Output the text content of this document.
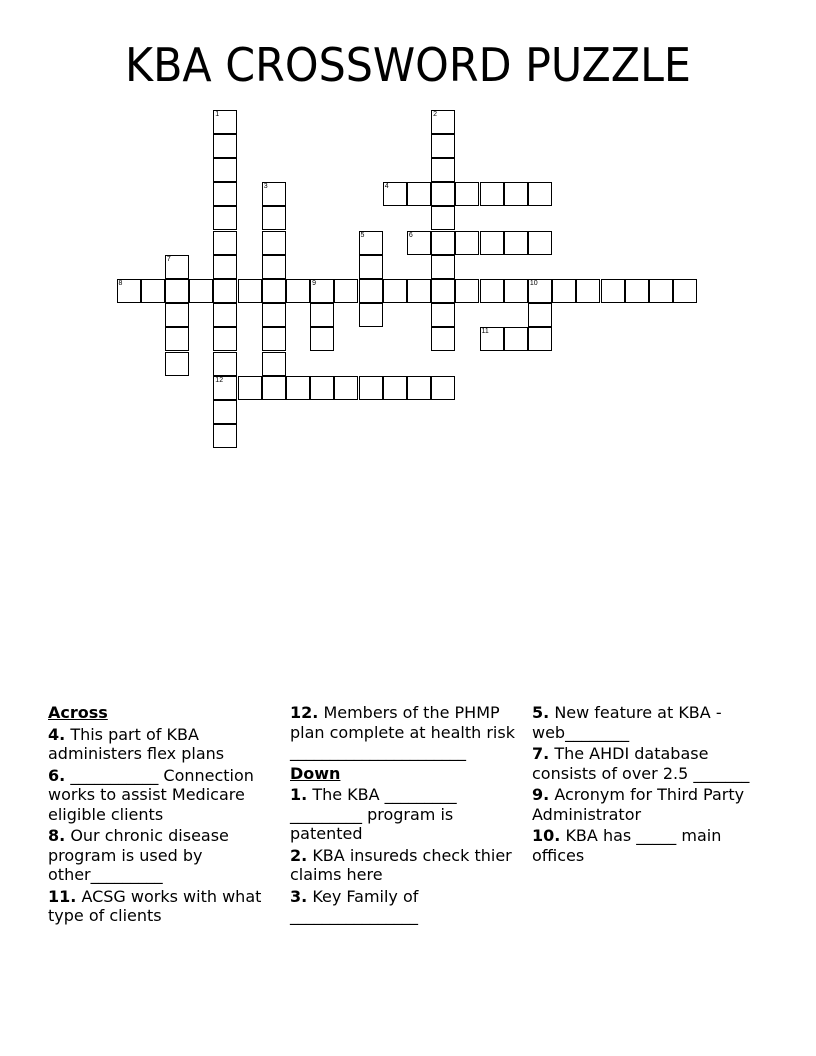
KBA CROSSWORD PUZZLE
1
12
2
3	4
5	6
7
8	9	10
11
Across
4. This part of KBA administers flex plans
6. ___________ Connection works to assist Medicare eligible clients
8. Our chronic disease program is used by other_________
11. ACSG works with what type of clients
12. Members of the PHMP plan complete at health risk ______________________
Down
1. The KBA _________ _________ program is patented
2. KBA insureds check thier claims here
3. Key Family of ________________
5. New feature at KBA - web________
7. The AHDI database consists of over 2.5 _______
9. Acronym for Third Party Administrator
10. KBA has _____ main offices
